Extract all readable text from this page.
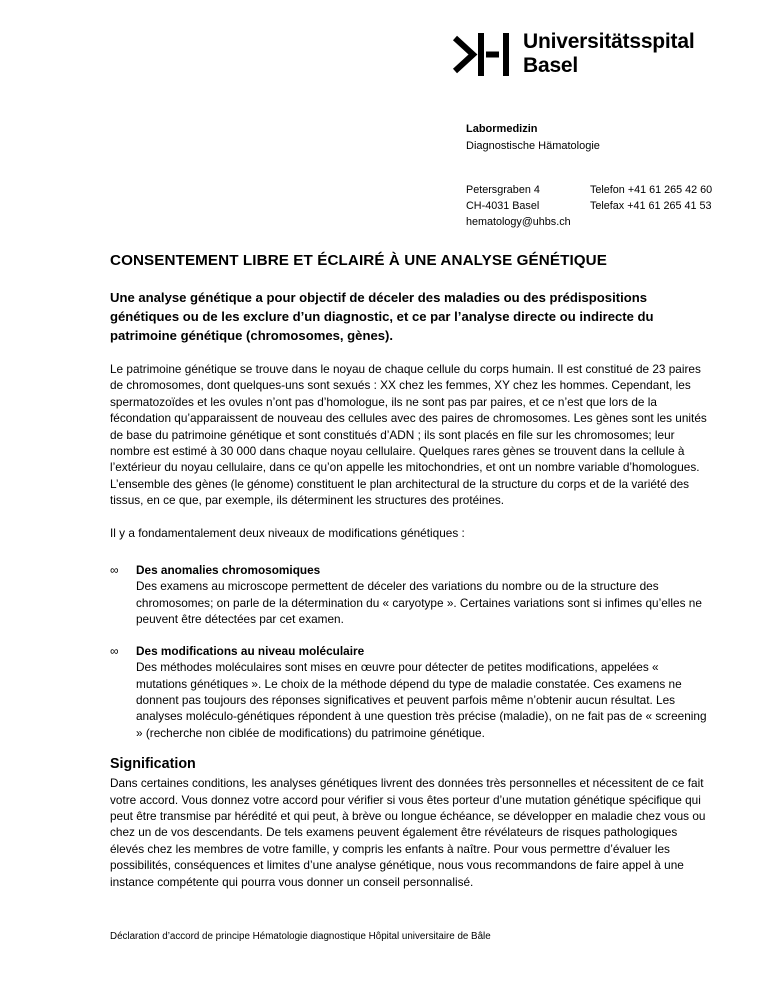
Universitätsspital
Basel
Labormedizin
Diagnostische Hämatologie
Petersgraben 4	Telefon +41 61 265 42 60
CH-4031 Basel	Telefax +41 61 265 41 53
hematology@uhbs.ch
CONSENTEMENT LIBRE ET ÉCLAIRÉ À UNE ANALYSE GÉNÉTIQUE
Une analyse génétique a pour objectif de déceler des maladies ou des prédispositions génétiques ou de les exclure d’un diagnostic, et ce par l’analyse directe ou indirecte du patrimoine génétique (chromosomes, gènes).
Le patrimoine génétique se trouve dans le noyau de chaque cellule du corps humain. Il est constitué de 23 paires de chromosomes, dont quelques-uns sont sexués : XX chez les femmes, XY chez les hommes. Cependant, les spermatozoïdes et les ovules n’ont pas d’homologue, ils ne sont pas par paires, et ce n’est que lors de la fécondation qu’apparaissent de nouveau des cellules avec des paires de chromosomes. Les gènes sont les unités de base du patrimoine génétique et sont constitués d’ADN ; ils sont placés en file sur les chromosomes; leur nombre est estimé à 30 000 dans chaque noyau cellulaire. Quelques rares gènes se trouvent dans la cellule à l’extérieur du noyau cellulaire, dans ce qu’on appelle les mitochondries, et ont un nombre variable d’homologues. L’ensemble des gènes (le génome) constituent le plan architectural de la structure du corps et de la variété des tissus, en ce que, par exemple, ils déterminent les structures des protéines.
Il y a fondamentalement deux niveaux de modifications génétiques :
∞	Des anomalies chromosomiques
Des examens au microscope permettent de déceler des variations du nombre ou de la structure des chromosomes; on parle de la détermination du « caryotype ». Certaines variations sont si infimes qu’elles ne peuvent être détectées par cet examen.
∞	Des modifications au niveau moléculaire
Des méthodes moléculaires sont mises en œuvre pour détecter de petites modifications, appelées « mutations génétiques ». Le choix de la méthode dépend du type de maladie constatée. Ces examens ne donnent pas toujours des réponses significatives et peuvent parfois même n’obtenir aucun résultat. Les analyses moléculo-génétiques répondent à une question très précise (maladie), on ne fait pas de « screening » (recherche non ciblée de modifications) du patrimoine génétique.
Signification
Dans certaines conditions, les analyses génétiques livrent des données très personnelles et nécessitent de ce fait votre accord. Vous donnez votre accord pour vérifier si vous êtes porteur d’une mutation génétique spécifique qui peut être transmise par hérédité et qui peut, à brève ou longue échéance, se développer en maladie chez vous ou chez un de vos descendants. De tels examens peuvent également être révélateurs de risques pathologiques élevés chez les membres de votre famille, y compris les enfants à naître. Pour vous permettre d’évaluer les possibilités, conséquences et limites d’une analyse génétique, nous vous recommandons de faire appel à une instance compétente qui pourra vous donner un conseil personnalisé.
Déclaration d’accord de principe Hématologie diagnostique Hôpital universitaire de Bâle
